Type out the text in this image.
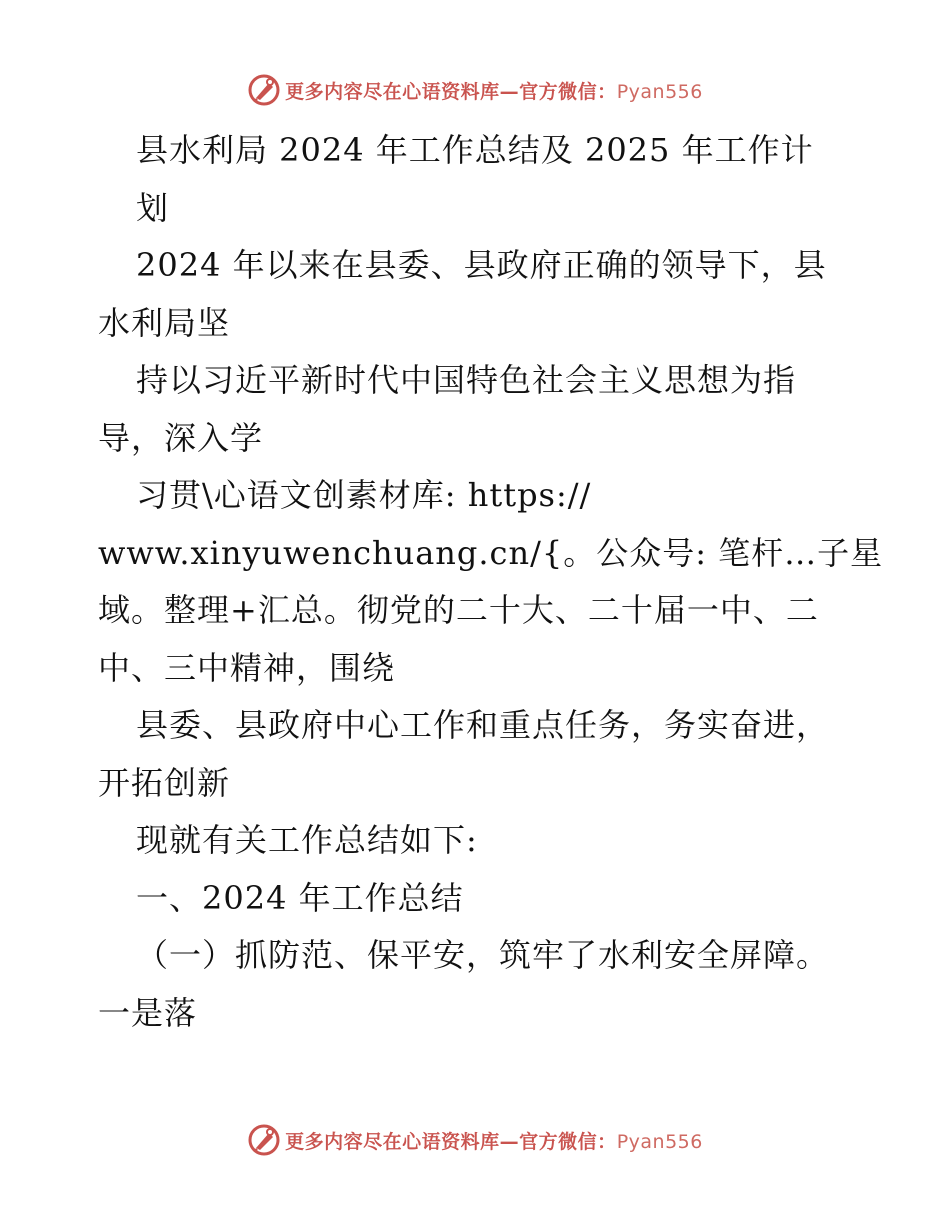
更多内容尽在心语资料库—官方微信：Pyan556
县水利局 2024 年工作总结及 2025 年工作计
划
2024 年以来在县委、县政府正确的领导下，县
水利局坚
持以习近平新时代中国特色社会主义思想为指
导，深入学
习贯\心语文创素材库: https://
www.xinyuwenchuang.cn/{。公众号: 笔杆…子星
域。整理+汇总。彻党的二十大、二十届一中、二
中、三中精神，围绕
县委、县政府中心工作和重点任务，务实奋进，
开拓创新
现就有关工作总结如下:
一、2024 年工作总结
（一）抓防范、保平安，筑牢了水利安全屏障。
一是落
更多内容尽在心语资料库—官方微信：Pyan556
